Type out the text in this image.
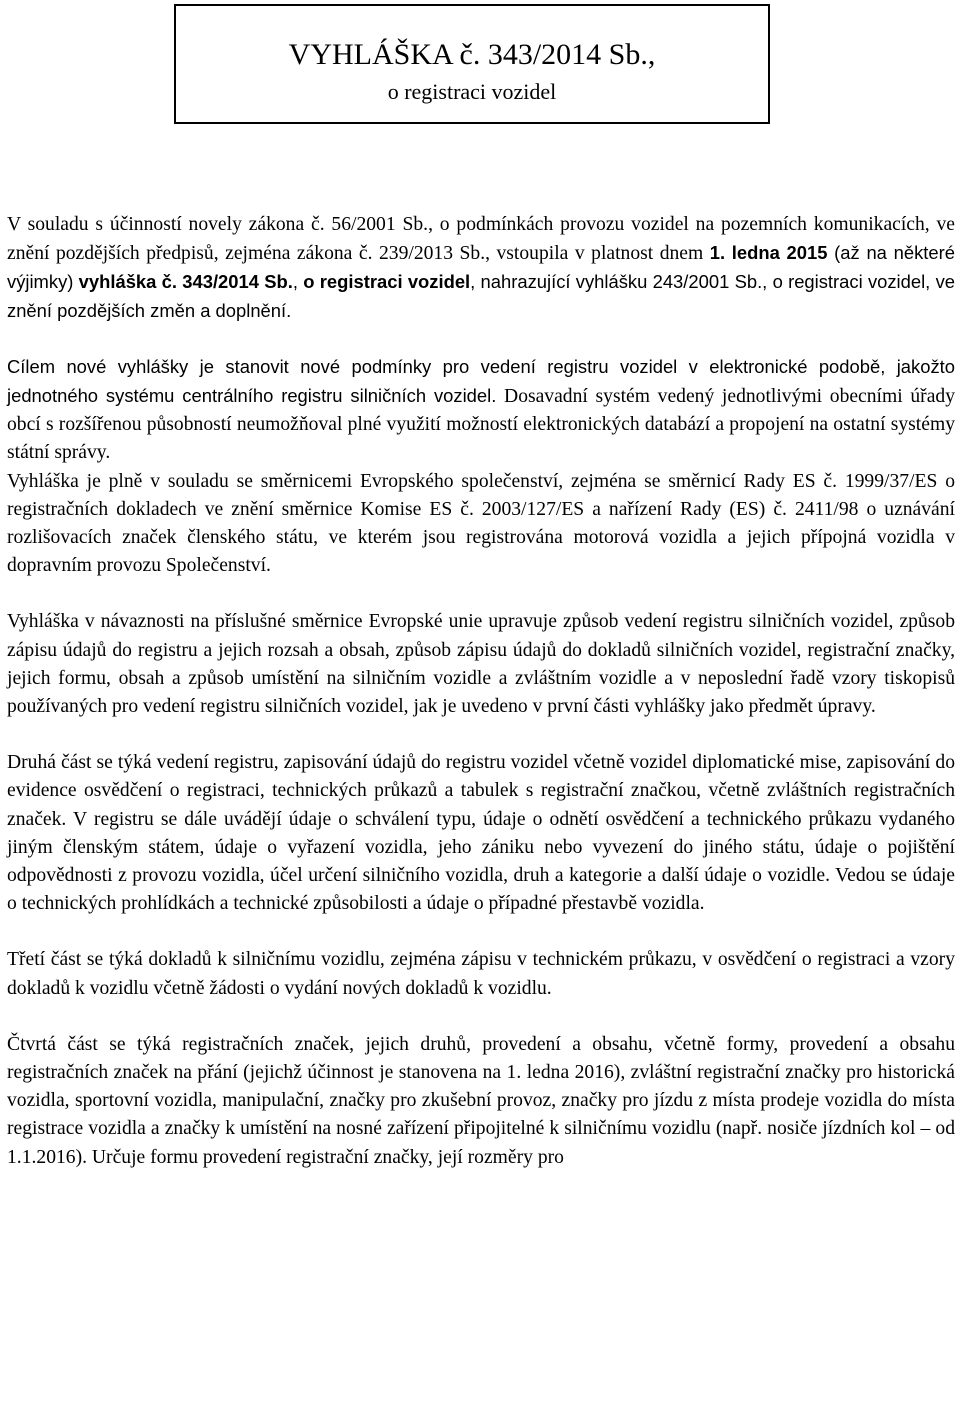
VYHLÁŠKA č. 343/2014 Sb.,
o registraci vozidel

V souladu s účinností novely zákona č. 56/2001 Sb., o podmínkách provozu vozidel na pozemních komunikacích, ve znění pozdějších předpisů, zejména zákona č. 239/2013 Sb., vstoupila v platnost dnem 1. ledna 2015 (až na některé výjimky) vyhláška č. 343/2014 Sb., o registraci vozidel, nahrazující vyhlášku 243/2001 Sb., o registraci vozidel, ve znění pozdějších změn a doplnění.

Cílem nové vyhlášky je stanovit nové podmínky pro vedení registru vozidel v elektronické podobě, jakožto jednotného systému centrálního registru silničních vozidel. Dosavadní systém vedený jednotlivými obecními úřady obcí s rozšířenou působností neumožňoval plné využití možností elektronických databází a propojení na ostatní systémy státní správy.

Vyhláška je plně v souladu se směrnicemi Evropského společenství, zejména se směrnicí Rady ES č. 1999/37/ES o registračních dokladech ve znění směrnice Komise ES č. 2003/127/ES a nařízení Rady (ES) č. 2411/98 o uznávání rozlišovacích značek členského státu, ve kterém jsou registrována motorová vozidla a jejich přípojná vozidla v dopravním provozu Společenství.

Vyhláška v návaznosti na příslušné směrnice Evropské unie upravuje způsob vedení registru silničních vozidel, způsob zápisu údajů do registru a jejich rozsah a obsah, způsob zápisu údajů do dokladů silničních vozidel, registrační značky, jejich formu, obsah a způsob umístění na silničním vozidle a zvláštním vozidle a v neposlední řadě vzory tiskopisů používaných pro vedení registru silničních vozidel, jak je uvedeno v první části vyhlášky jako předmět úpravy.

Druhá část se týká vedení registru, zapisování údajů do registru vozidel včetně vozidel diplomatické mise, zapisování do evidence osvědčení o registraci, technických průkazů a tabulek s registrační značkou, včetně zvláštních registračních značek. V registru se dále uvádějí údaje o schválení typu, údaje o odnětí osvědčení a technického průkazu vydaného jiným členským státem, údaje o vyřazení vozidla, jeho zániku nebo vyvezení do jiného státu, údaje o pojištění odpovědnosti z provozu vozidla, účel určení silničního vozidla, druh a kategorie a další údaje o vozidle. Vedou se údaje o technických prohlídkách a technické způsobilosti a údaje o případné přestavbě vozidla.

Třetí část se týká dokladů k silničnímu vozidlu, zejména zápisu v technickém průkazu, v osvědčení o registraci a vzory dokladů k vozidlu včetně žádosti o vydání nových dokladů k vozidlu.

Čtvrtá část se týká registračních značek, jejich druhů, provedení a obsahu, včetně formy, provedení a obsahu registračních značek na přání (jejichž účinnost je stanovena na 1. ledna 2016), zvláštní registrační značky pro historická vozidla, sportovní vozidla, manipulační, značky pro zkušební provoz, značky pro jízdu z místa prodeje vozidla do místa registrace vozidla a značky k umístění na nosné zařízení připojitelné k silničnímu vozidlu (např. nosiče jízdních kol – od 1.1.2016). Určuje formu provedení registrační značky, její rozměry pro
